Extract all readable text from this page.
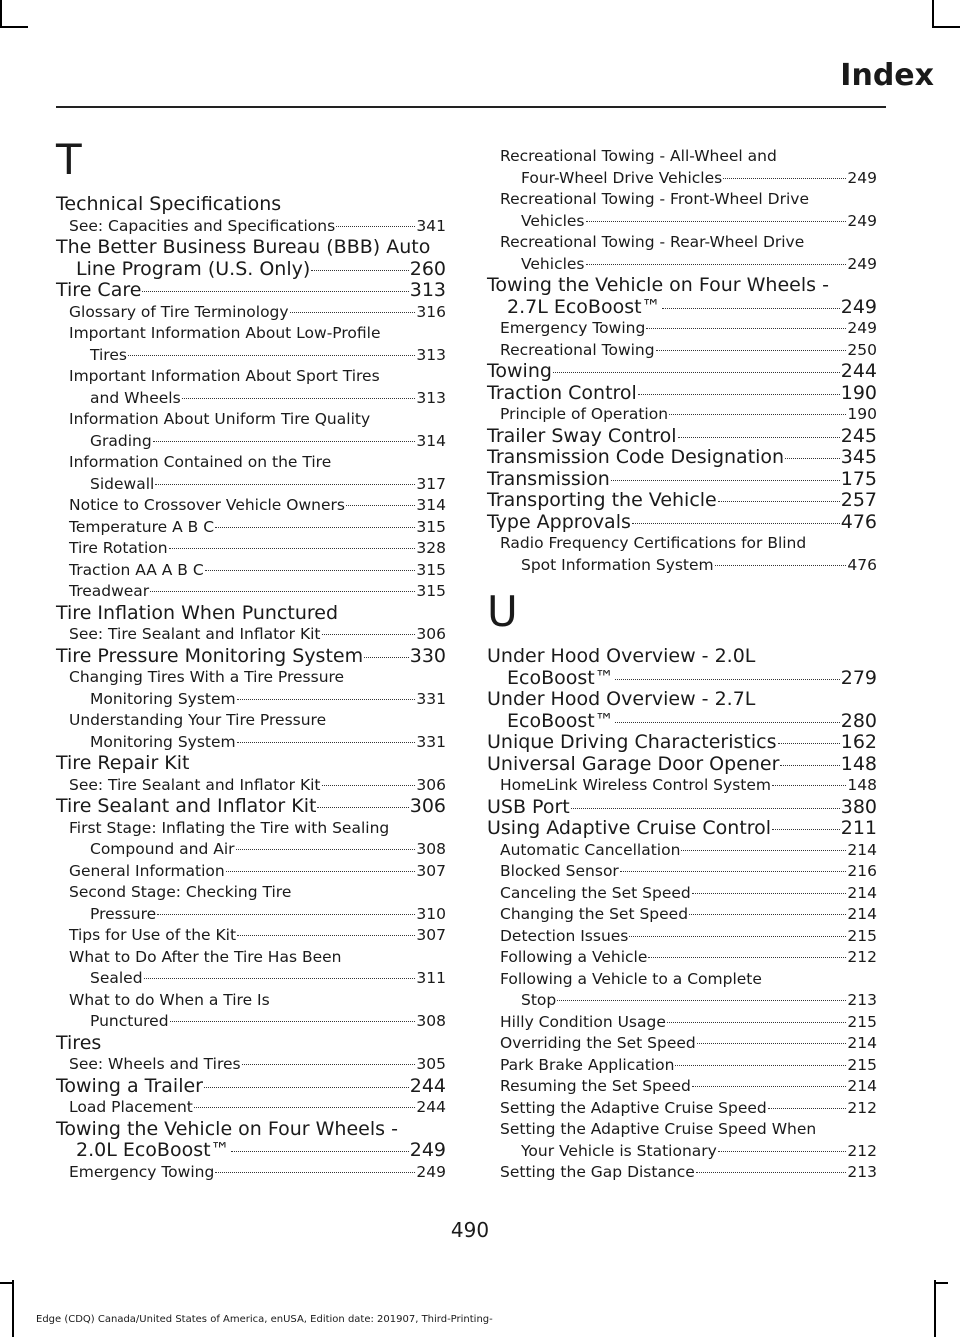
Index
T
Technical Specifications
See: Capacities and Specifications	341
The Better Business Bureau (BBB) Auto
Line Program (U.S. Only)	260
Tire Care	313
Glossary of Tire Terminology	316
Important Information About Low-Profile
Tires	313
Important Information About Sport Tires
and Wheels	313
Information About Uniform Tire Quality
Grading	314
Information Contained on the Tire
Sidewall	317
Notice to Crossover Vehicle Owners	314
Temperature A B C	315
Tire Rotation	328
Traction AA A B C	315
Treadwear	315
Tire Inflation When Punctured
See: Tire Sealant and Inflator Kit	306
Tire Pressure Monitoring System 330
Changing Tires With a Tire Pressure
Monitoring System	331
Understanding Your Tire Pressure
Monitoring System	331
Tire Repair Kit
See: Tire Sealant and Inflator Kit	306
Tire Sealant and Inflator Kit	306
First Stage: Inflating the Tire with Sealing
Compound and Air	308
General Information	307
Second Stage: Checking Tire
Pressure	310
Tips for Use of the Kit	307
What to Do After the Tire Has Been
Sealed	311
What to do When a Tire Is
Punctured	308
Tires
See: Wheels and Tires	305
Towing a Trailer	244
Load Placement	244
Towing the Vehicle on Four Wheels -
2.0L EcoBoost™	249
Emergency Towing	249
Recreational Towing - All-Wheel and
Four-Wheel Drive Vehicles	249
Recreational Towing - Front-Wheel Drive
Vehicles	249
Recreational Towing - Rear-Wheel Drive
Vehicles	249
Towing the Vehicle on Four Wheels -
2.7L EcoBoost™	249
Emergency Towing	249
Recreational Towing	250
Towing	244
Traction Control	190
Principle of Operation	190
Trailer Sway Control	245
Transmission Code Designation	345
Transmission	175
Transporting the Vehicle	257
Type Approvals	476
Radio Frequency Certifications for Blind
Spot Information System	476
U
Under Hood Overview - 2.0L
EcoBoost™	279
Under Hood Overview - 2.7L
EcoBoost™	280
Unique Driving Characteristics	162
Universal Garage Door Opener	148
HomeLink Wireless Control System	148
USB Port	380
Using Adaptive Cruise Control	211
Automatic Cancellation	214
Blocked Sensor	216
Canceling the Set Speed	214
Changing the Set Speed	214
Detection Issues	215
Following a Vehicle	212
Following a Vehicle to a Complete
Stop	213
Hilly Condition Usage	215
Overriding the Set Speed	214
Park Brake Application	215
Resuming the Set Speed	214
Setting the Adaptive Cruise Speed	212
Setting the Adaptive Cruise Speed When
Your Vehicle is Stationary	212
Setting the Gap Distance	213
490
Edge (CDQ) Canada/United States of America, enUSA, Edition date: 201907, Third-Printing-
